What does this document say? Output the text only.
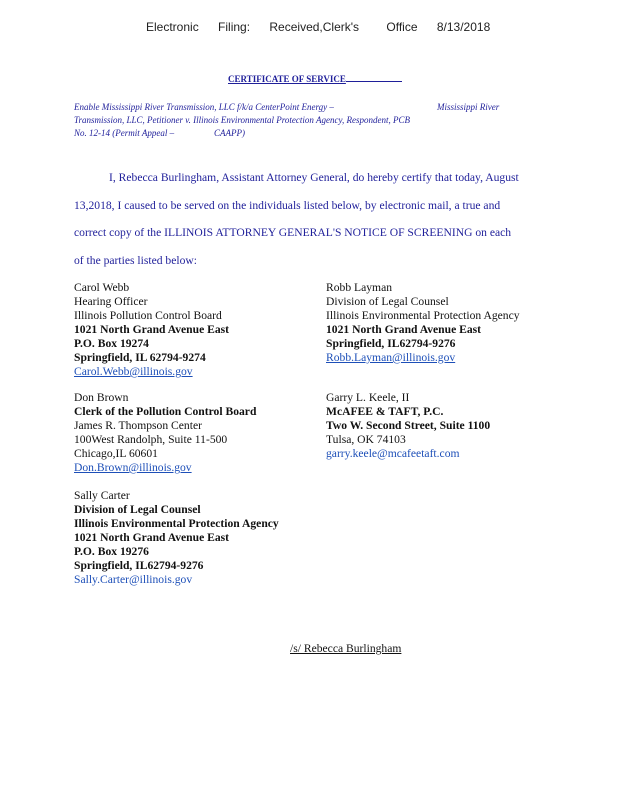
Electronic Filing: Received,Clerk's Office 8/13/2018
CERTIFICATE OF SERVICE
Enable Mississippi River Transmission, LLC f/k/a CenterPoint Energy –	Mississippi River
Transmission, LLC, Petitioner v. Illinois Environmental Protection Agency, Respondent, PCB
No. 12-14 (Permit Appeal –	CAAPP)
I, Rebecca Burlingham, Assistant Attorney General, do hereby certify that today, August
13,2018, I caused to be served on the individuals listed below, by electronic mail, a true and
correct copy of the ILLINOIS ATTORNEY GENERAL'S NOTICE OF SCREENING on each
of the parties listed below:
Carol Webb
Hearing Officer
Illinois Pollution Control Board
1021 North Grand Avenue East
P.O. Box 19274
Springfield, IL 62794-9274
Carol.Webb@illinois.gov
Robb Layman
Division of Legal Counsel
Illinois Environmental Protection Agency
1021 North Grand Avenue East
Springfield, IL62794-9276
Robb.Layman@illinois.gov
Don Brown
Clerk of the Pollution Control Board
James R. Thompson Center
100West Randolph, Suite 11-500
Chicago,IL 60601
Don.Brown@illinois.gov
Garry L. Keele, II
McAFEE & TAFT, P.C.
Two W. Second Street, Suite 1100
Tulsa, OK 74103
garry.keele@mcafeetaft.com
Sally Carter
Division of Legal Counsel
Illinois Environmental Protection Agency
1021 North Grand Avenue East
P.O. Box 19276
Springfield, IL62794-9276
Sally.Carter@illinois.gov
/s/ Rebecca Burlingham
